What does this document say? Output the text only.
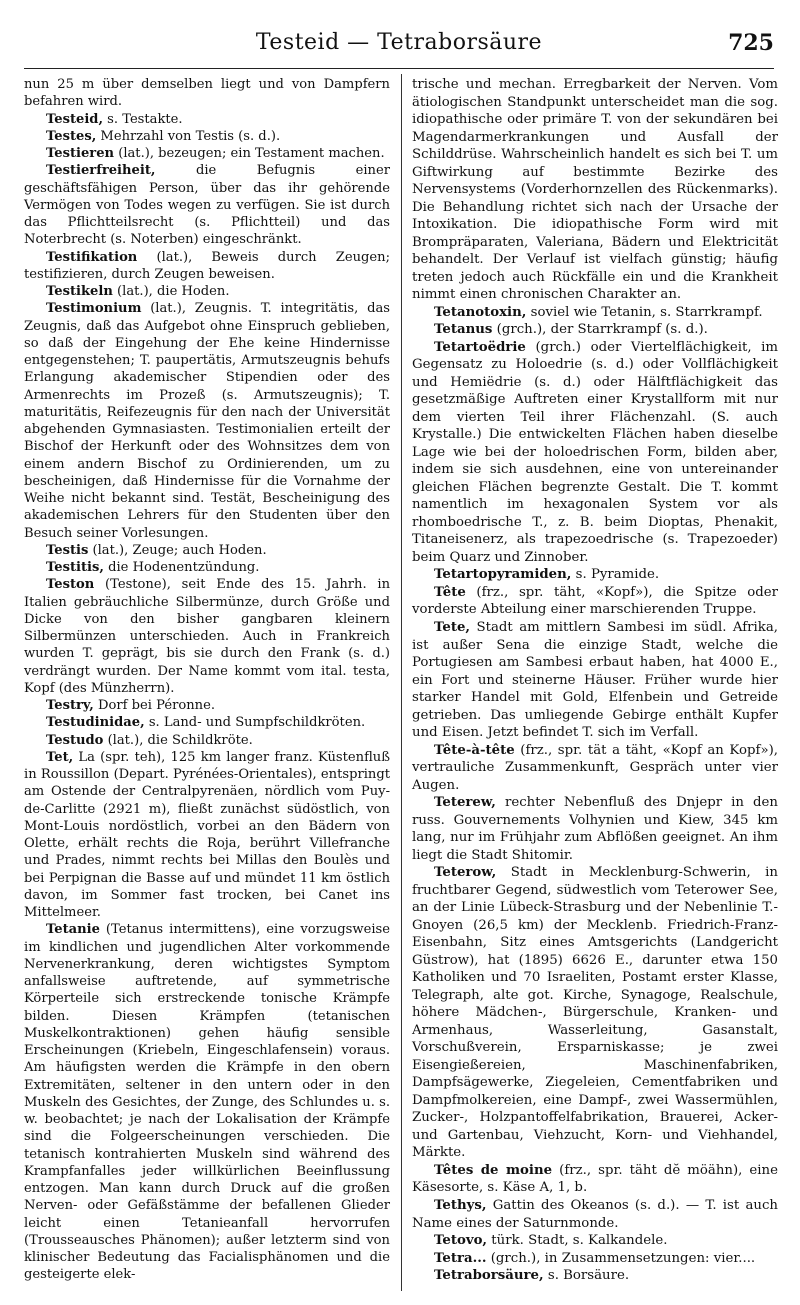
Testeid — Tetraborsäure	725

nun 25 m über demselben liegt und von Dampfern befahren wird.

Testeid, s. Testakte.

Testes, Mehrzahl von Testis (s. d.).

Testieren (lat.), bezeugen; ein Testament machen.

Testierfreiheit, die Befugnis einer geschäftsfähigen Person, über das ihr gehörende Vermögen von Todes wegen zu verfügen. Sie ist durch das Pflichtteilsrecht (s. Pflichtteil) und das Noterbrecht (s. Noterben) eingeschränkt.

Testifikation (lat.), Beweis durch Zeugen; testifizieren, durch Zeugen beweisen.

Testikeln (lat.), die Hoden.

Testimonium (lat.), Zeugnis. T. integritätis, das Zeugnis, daß das Aufgebot ohne Einspruch geblieben, so daß der Eingehung der Ehe keine Hindernisse entgegenstehen; T. paupertätis, Armutszeugnis behufs Erlangung akademischer Stipendien oder des Armenrechts im Prozeß (s. Armutszeugnis); T. maturitätis, Reifezeugnis für den nach der Universität abgehenden Gymnasiasten. Testimonialien erteilt der Bischof der Herkunft oder des Wohnsitzes dem von einem andern Bischof zu Ordinierenden, um zu bescheinigen, daß Hindernisse für die Vornahme der Weihe nicht bekannt sind. Testät, Bescheinigung des akademischen Lehrers für den Studenten über den Besuch seiner Vorlesungen.

Testis (lat.), Zeuge; auch Hoden.

Testitis, die Hodenentzündung.

Teston (Testone), seit Ende des 15. Jahrh. in Italien gebräuchliche Silbermünze, durch Größe und Dicke von den bisher gangbaren kleinern Silbermünzen unterschieden. Auch in Frankreich wurden T. geprägt, bis sie durch den Frank (s. d.) verdrängt wurden. Der Name kommt vom ital. testa, Kopf (des Münzherrn).

Testry, Dorf bei Péronne.

Testudinidae, s. Land- und Sumpfschildkröten.

Testudo (lat.), die Schildkröte.

Tet, La (spr. teh), 125 km langer franz. Küstenfluß in Roussillon (Depart. Pyrénées-Orientales), entspringt am Ostende der Centralpyrenäen, nördlich vom Puy-de-Carlitte (2921 m), fließt zunächst südöstlich, von Mont-Louis nordöstlich, vorbei an den Bädern von Olette, erhält rechts die Roja, berührt Villefranche und Prades, nimmt rechts bei Millas den Boulès und bei Perpignan die Basse auf und mündet 11 km östlich davon, im Sommer fast trocken, bei Canet ins Mittelmeer.

Tetanie (Tetanus intermittens), eine vorzugsweise im kindlichen und jugendlichen Alter vorkommende Nervenerkrankung, deren wichtigstes Symptom anfallsweise auftretende, auf symmetrische Körperteile sich erstreckende tonische Krämpfe bilden. Diesen Krämpfen (tetanischen Muskelkontraktionen) gehen häufig sensible Erscheinungen (Kriebeln, Eingeschlafensein) voraus. Am häufigsten werden die Krämpfe in den obern Extremitäten, seltener in den untern oder in den Muskeln des Gesichtes, der Zunge, des Schlundes u. s. w. beobachtet; je nach der Lokalisation der Krämpfe sind die Folgeerscheinungen verschieden. Die tetanisch kontrahierten Muskeln sind während des Krampfanfalles jeder willkürlichen Beeinflussung entzogen. Man kann durch Druck auf die großen Nerven- oder Gefäßstämme der befallenen Glieder leicht einen Tetanieanfall hervorrufen (Trousseausches Phänomen); außer letzterm sind von klinischer Bedeutung das Facialisphänomen und die gesteigerte elek-

trische und mechan. Erregbarkeit der Nerven. Vom ätiologischen Standpunkt unterscheidet man die sog. idiopathische oder primäre T. von der sekundären bei Magendarmerkrankungen und Ausfall der Schilddrüse. Wahrscheinlich handelt es sich bei T. um Giftwirkung auf bestimmte Bezirke des Nervensystems (Vorderhornzellen des Rückenmarks). Die Behandlung richtet sich nach der Ursache der Intoxikation. Die idiopathische Form wird mit Brompräparaten, Valeriana, Bädern und Elektricität behandelt. Der Verlauf ist vielfach günstig; häufig treten jedoch auch Rückfälle ein und die Krankheit nimmt einen chronischen Charakter an.

Tetanotoxin, soviel wie Tetanin, s. Starrkrampf.

Tetanus (grch.), der Starrkrampf (s. d.).

Tetartoëdrie (grch.) oder Viertelflächigkeit, im Gegensatz zu Holoedrie (s. d.) oder Vollflächigkeit und Hemiëdrie (s. d.) oder Hälftflächigkeit das gesetzmäßige Auftreten einer Krystallform mit nur dem vierten Teil ihrer Flächenzahl. (S. auch Krystalle.) Die entwickelten Flächen haben dieselbe Lage wie bei der holoedrischen Form, bilden aber, indem sie sich ausdehnen, eine von untereinander gleichen Flächen begrenzte Gestalt. Die T. kommt namentlich im hexagonalen System vor als rhomboedrische T., z. B. beim Dioptas, Phenakit, Titaneisenerz, als trapezoedrische (s. Trapezoeder) beim Quarz und Zinnober.

Tetartopyramiden, s. Pyramide.

Tête (frz., spr. täht, «Kopf»), die Spitze oder vorderste Abteilung einer marschierenden Truppe.

Tete, Stadt am mittlern Sambesi im südl. Afrika, ist außer Sena die einzige Stadt, welche die Portugiesen am Sambesi erbaut haben, hat 4000 E., ein Fort und steinerne Häuser. Früher wurde hier starker Handel mit Gold, Elfenbein und Getreide getrieben. Das umliegende Gebirge enthält Kupfer und Eisen. Jetzt befindet T. sich im Verfall.

Tête-à-tête (frz., spr. tät a täht, «Kopf an Kopf»), vertrauliche Zusammenkunft, Gespräch unter vier Augen.

Teterew, rechter Nebenfluß des Dnjepr in den russ. Gouvernements Volhynien und Kiew, 345 km lang, nur im Frühjahr zum Abflößen geeignet. An ihm liegt die Stadt Shitomir.

Teterow, Stadt in Mecklenburg-Schwerin, in fruchtbarer Gegend, südwestlich vom Teterower See, an der Linie Lübeck-Strasburg und der Nebenlinie T.-Gnoyen (26,5 km) der Mecklenb. Friedrich-Franz-Eisenbahn, Sitz eines Amtsgerichts (Landgericht Güstrow), hat (1895) 6626 E., darunter etwa 150 Katholiken und 70 Israeliten, Postamt erster Klasse, Telegraph, alte got. Kirche, Synagoge, Realschule, höhere Mädchen-, Bürgerschule, Kranken- und Armenhaus, Wasserleitung, Gasanstalt, Vorschußverein, Ersparniskasse; je zwei Eisengießereien, Maschinenfabriken, Dampfsägewerke, Ziegeleien, Cementfabriken und Dampfmolkereien, eine Dampf-, zwei Wassermühlen, Zucker-, Holzpantoffelfabrikation, Brauerei, Acker- und Gartenbau, Viehzucht, Korn- und Viehhandel, Märkte.

Têtes de moine (frz., spr. täht dĕ möähn), eine Käsesorte, s. Käse A, 1, b.

Tethys, Gattin des Okeanos (s. d.). — T. ist auch Name eines der Saturnmonde.

Tetovo, türk. Stadt, s. Kalkandele.

Tetra... (grch.), in Zusammensetzungen: vier....

Tetraborsäure, s. Borsäure.
